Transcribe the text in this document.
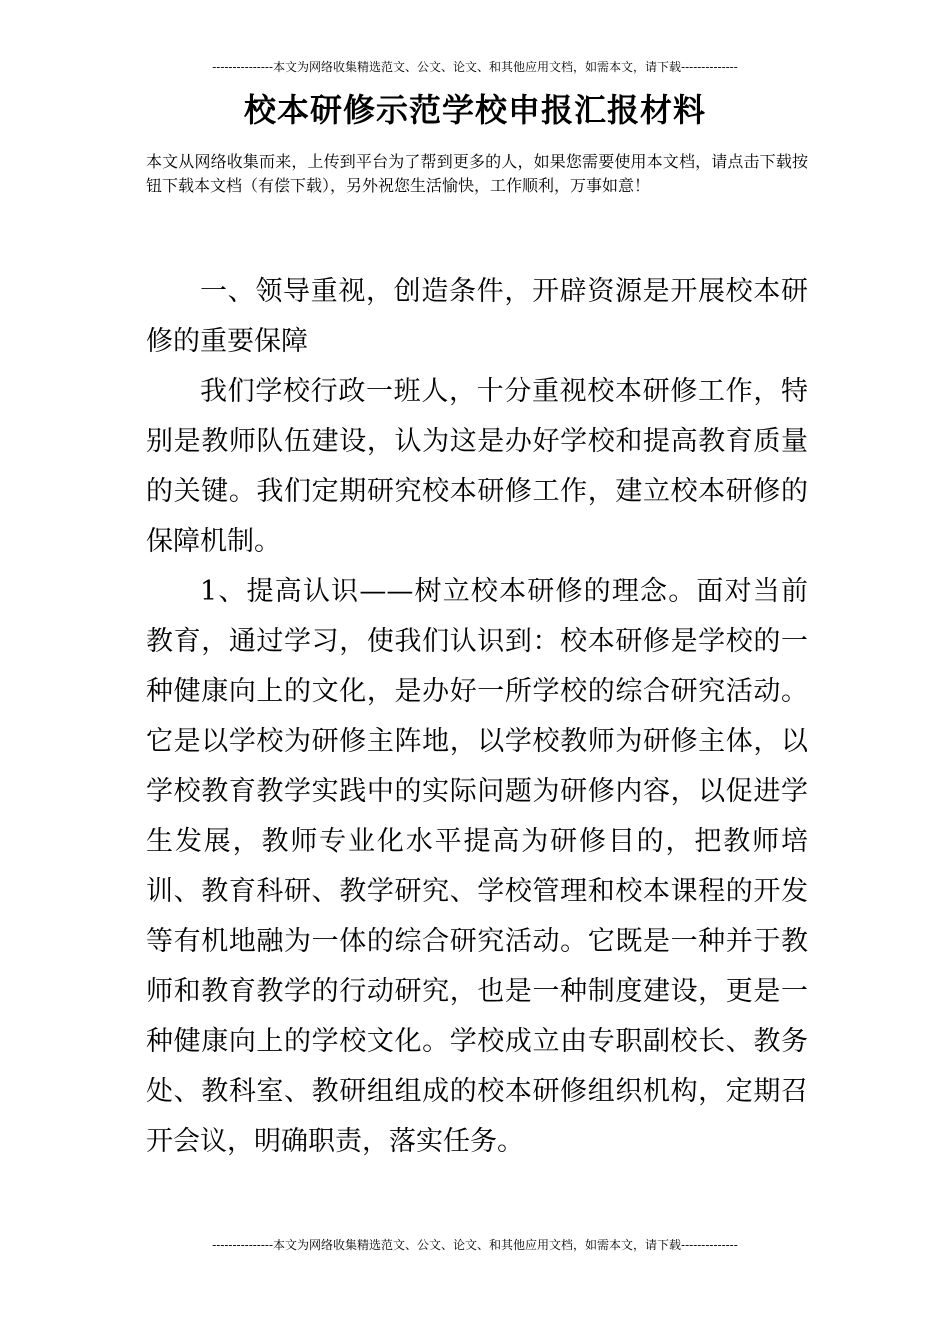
---------------本文为网络收集精选范文、公文、论文、和其他应用文档，如需本文，请下载--------------
校本研修示范学校申报汇报材料

本文从网络收集而来，上传到平台为了帮到更多的人，如果您需要使用本文档，请点击下载按钮下载本文档（有偿下载），另外祝您生活愉快，工作顺利，万事如意！

一、领导重视，创造条件，开辟资源是开展校本研修的重要保障

我们学校行政一班人，十分重视校本研修工作，特别是教师队伍建设，认为这是办好学校和提高教育质量的关键。我们定期研究校本研修工作，建立校本研修的保障机制。

1、提高认识——树立校本研修的理念。面对当前教育，通过学习，使我们认识到：校本研修是学校的一种健康向上的文化，是办好一所学校的综合研究活动。它是以学校为研修主阵地，以学校教师为研修主体，以学校教育教学实践中的实际问题为研修内容，以促进学生发展，教师专业化水平提高为研修目的，把教师培训、教育科研、教学研究、学校管理和校本课程的开发等有机地融为一体的综合研究活动。它既是一种并于教师和教育教学的行动研究，也是一种制度建设，更是一种健康向上的学校文化。学校成立由专职副校长、教务处、教科室、教研组组成的校本研修组织机构，定期召开会议，明确职责，落实任务。

---------------本文为网络收集精选范文、公文、论文、和其他应用文档，如需本文，请下载--------------
